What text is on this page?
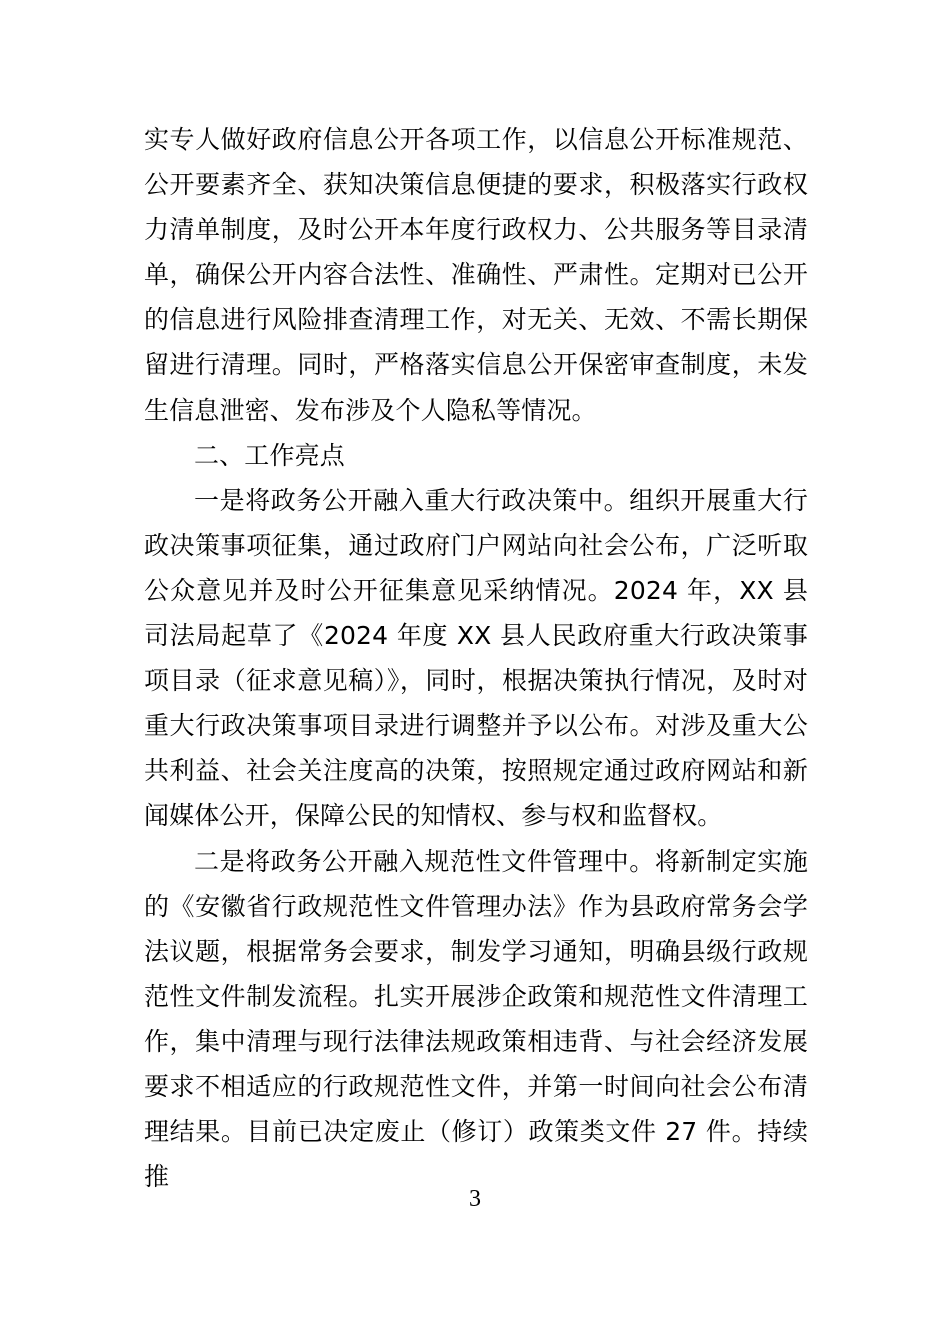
实专人做好政府信息公开各项工作，以信息公开标准规范、公开要素齐全、获知决策信息便捷的要求，积极落实行政权力清单制度，及时公开本年度行政权力、公共服务等目录清单，确保公开内容合法性、准确性、严肃性。定期对已公开的信息进行风险排查清理工作，对无关、无效、不需长期保留进行清理。同时，严格落实信息公开保密审查制度，未发生信息泄密、发布涉及个人隐私等情况。

二、工作亮点

一是将政务公开融入重大行政决策中。组织开展重大行政决策事项征集，通过政府门户网站向社会公布，广泛听取公众意见并及时公开征集意见采纳情况。2024 年，XX 县司法局起草了《2024 年度 XX 县人民政府重大行政决策事项目录（征求意见稿）》，同时，根据决策执行情况，及时对重大行政决策事项目录进行调整并予以公布。对涉及重大公共利益、社会关注度高的决策，按照规定通过政府网站和新闻媒体公开，保障公民的知情权、参与权和监督权。

二是将政务公开融入规范性文件管理中。将新制定实施的《安徽省行政规范性文件管理办法》作为县政府常务会学法议题，根据常务会要求，制发学习通知，明确县级行政规范性文件制发流程。扎实开展涉企政策和规范性文件清理工作，集中清理与现行法律法规政策相违背、与社会经济发展要求不相适应的行政规范性文件，并第一时间向社会公布清理结果。目前已决定废止（修订）政策类文件 27 件。持续推

3
